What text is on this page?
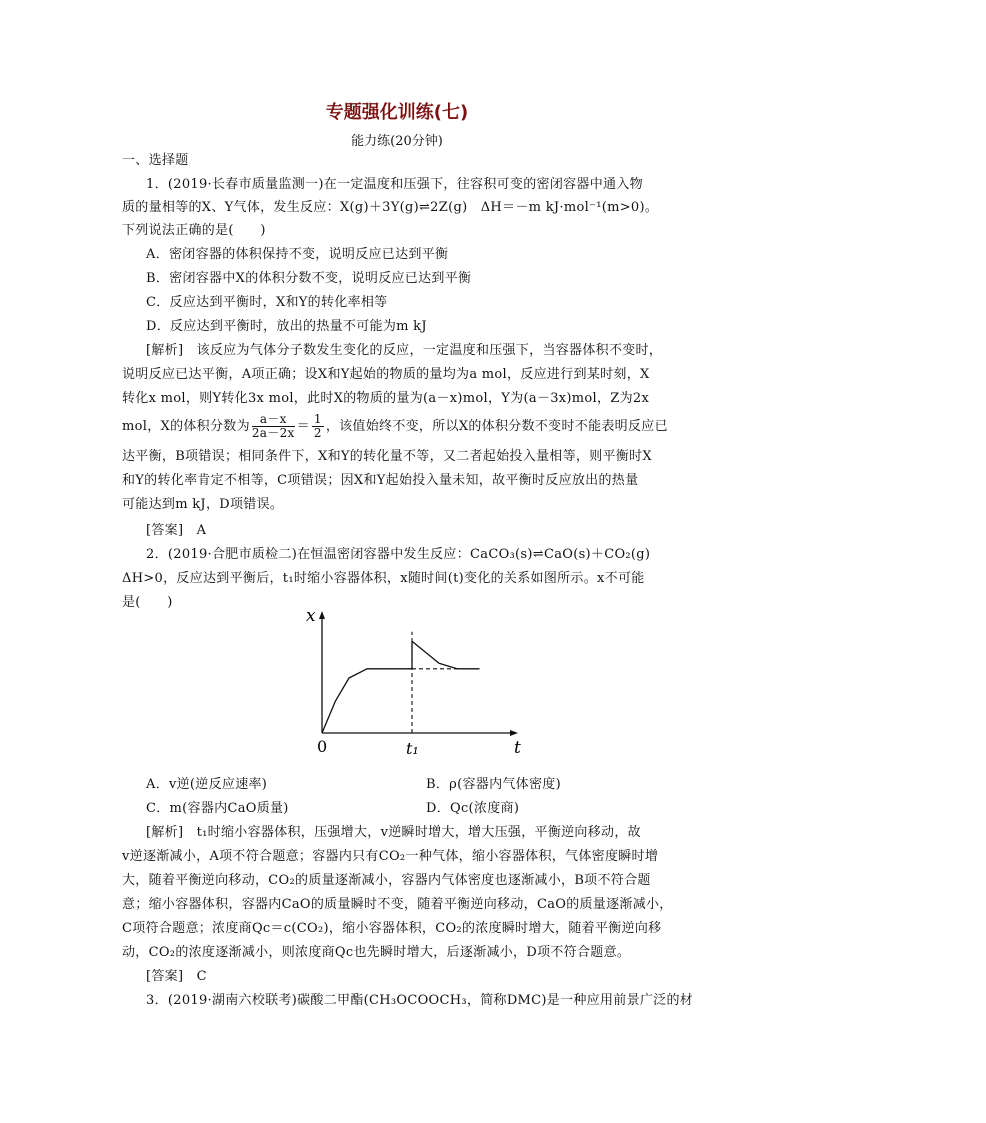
专题强化训练(七)
能力练(20分钟)
一、选择题
1．(2019·长春市质量监测一)在一定温度和压强下，往容积可变的密闭容器中通入物
质的量相等的X、Y气体，发生反应：X(g)＋3Y(g)⇌2Z(g)　ΔH＝－m kJ·mol⁻¹(m>0)。
下列说法正确的是(　　)
A．密闭容器的体积保持不变，说明反应已达到平衡
B．密闭容器中X的体积分数不变，说明反应已达到平衡
C．反应达到平衡时，X和Y的转化率相等
D．反应达到平衡时，放出的热量不可能为m kJ
[解析]　该反应为气体分子数发生变化的反应，一定温度和压强下，当容器体积不变时，
说明反应已达平衡，A项正确；设X和Y起始的物质的量均为a mol，反应进行到某时刻，X
转化x mol，则Y转化3x mol，此时X的物质的量为(a－x)mol，Y为(a－3x)mol，Z为2x
mol，X的体积分数为 $\frac{a-x}{2a-2x} = \frac{1}{2}$ ，该值始终不变，所以X的体积分数不变时不能表明反应已
达平衡，B项错误；相同条件下，X和Y的转化量不等，又二者起始投入量相等，则平衡时X
和Y的转化率肯定不相等，C项错误；因X和Y起始投入量未知，故平衡时反应放出的热量
可能达到m kJ，D项错误。
[答案]　A
2．(2019·合肥市质检二)在恒温密闭容器中发生反应：CaCO₃(s)⇌CaO(s)＋CO₂(g)
ΔH>0，反应达到平衡后，t₁时缩小容器体积，x随时间(t)变化的关系如图所示。x不可能
是(　　)
x
t
0	t₁
A．v逆(逆反应速率)	B．ρ(容器内气体密度)
C．m(容器内CaO质量)	D．Qc(浓度商)
[解析]　t₁时缩小容器体积，压强增大，v逆瞬时增大，增大压强，平衡逆向移动，故
v逆逐渐减小，A项不符合题意；容器内只有CO₂一种气体，缩小容器体积，气体密度瞬时增
大，随着平衡逆向移动，CO₂的质量逐渐减小，容器内气体密度也逐渐减小，B项不符合题
意；缩小容器体积，容器内CaO的质量瞬时不变，随着平衡逆向移动，CaO的质量逐渐减小，
C项符合题意；浓度商Qc＝c(CO₂)，缩小容器体积，CO₂的浓度瞬时增大，随着平衡逆向移
动，CO₂的浓度逐渐减小，则浓度商Qc也先瞬时增大，后逐渐减小，D项不符合题意。
[答案]　C
3．(2019·湖南六校联考)碳酸二甲酯(CH₃OCOOCH₃，简称DMC)是一种应用前景广泛的材
